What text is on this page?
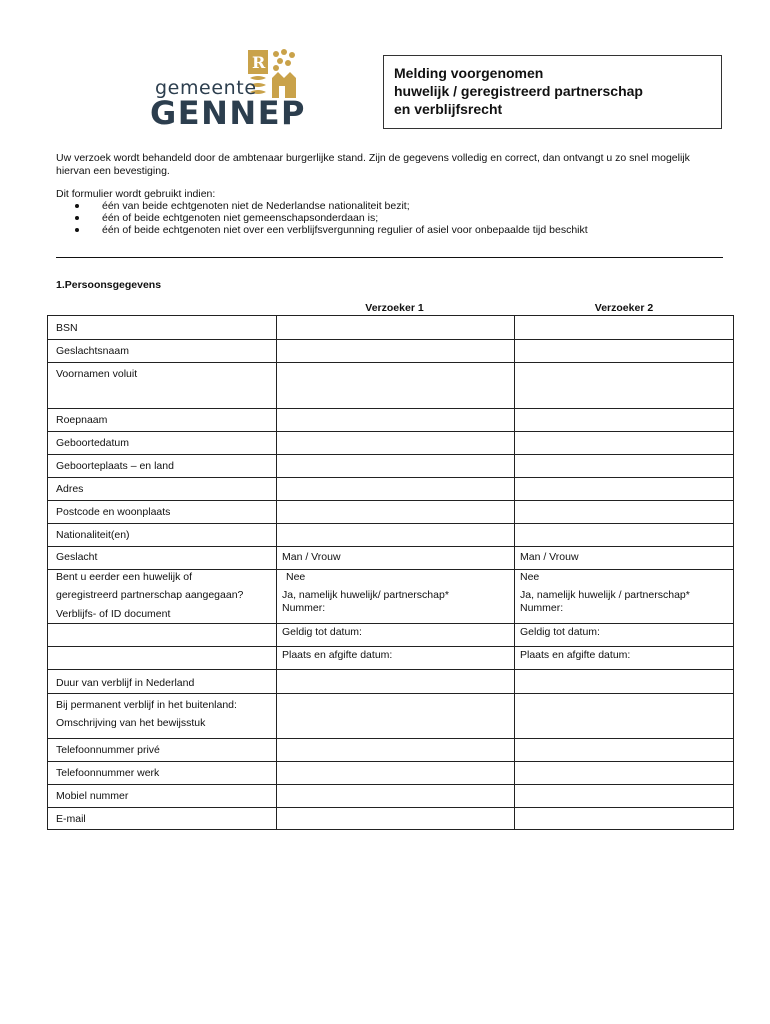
R
gemeente
GENNEP
Melding voorgenomen
huwelijk / geregistreerd partnerschap
en verblijfsrecht
Uw verzoek wordt behandeld door de ambtenaar burgerlijke stand. Zijn de gegevens volledig en correct, dan ontvangt u zo snel mogelijk hiervan een bevestiging.
Dit formulier wordt gebruikt indien:
één van beide echtgenoten niet de Nederlandse nationaliteit bezit;
één of beide echtgenoten niet gemeenschapsonderdaan is;
één of beide echtgenoten niet over een verblijfsvergunning regulier of asiel voor onbepaalde tijd beschikt
1.Persoonsgegevens
Verzoeker 1	Verzoeker 2
BSN
Geslachtsnaam
Voornamen voluit
Roepnaam
Geboortedatum
Geboorteplaats – en land
Adres
Postcode en woonplaats
Nationaliteit(en)
Geslacht
Bent u eerder een huwelijk of
geregistreerd partnerschap aangegaan?
Verblijfs- of ID document
Duur van verblijf in Nederland
Bij permanent verblijf in het buitenland:
Omschrijving van het bewijsstuk
Telefoonnummer privé
Telefoonnummer werk
Mobiel nummer
E-mail
Man / Vrouw
Nee
Ja, namelijk huwelijk/ partnerschap*
Nummer:
Geldig tot datum:
Plaats en afgifte datum:
Man / Vrouw
Nee
Ja, namelijk huwelijk / partnerschap*
Nummer:
Geldig tot datum:
Plaats en afgifte datum:
